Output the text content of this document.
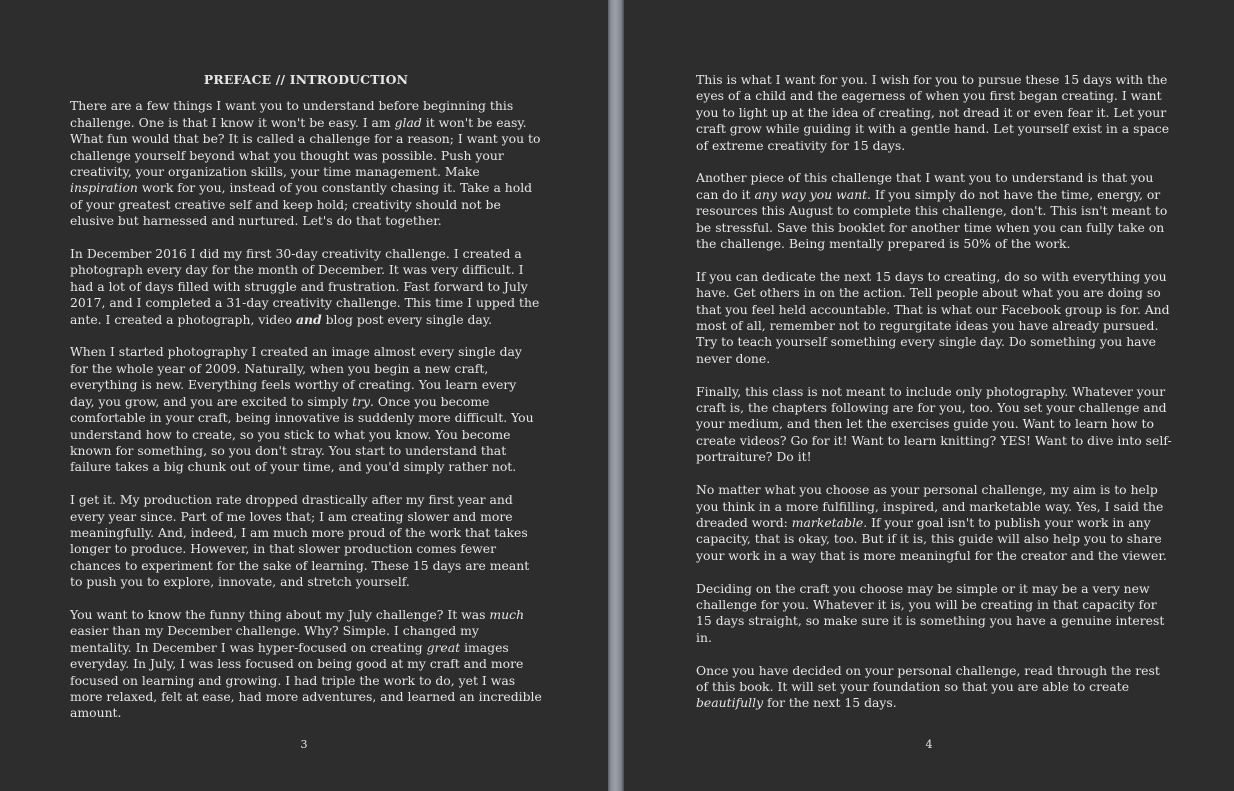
PREFACE // INTRODUCTION

There are a few things I want you to understand before beginning this challenge. One is that I know it won't be easy. I am glad it won't be easy. What fun would that be? It is called a challenge for a reason; I want you to challenge yourself beyond what you thought was possible. Push your creativity, your organization skills, your time management. Make inspiration work for you, instead of you constantly chasing it. Take a hold of your greatest creative self and keep hold; creativity should not be elusive but harnessed and nurtured. Let's do that together.

In December 2016 I did my first 30-day creativity challenge. I created a photograph every day for the month of December. It was very difficult. I had a lot of days filled with struggle and frustration. Fast forward to July 2017, and I completed a 31-day creativity challenge. This time I upped the ante. I created a photograph, video and blog post every single day.

When I started photography I created an image almost every single day for the whole year of 2009. Naturally, when you begin a new craft, everything is new. Everything feels worthy of creating. You learn every day, you grow, and you are excited to simply try. Once you become comfortable in your craft, being innovative is suddenly more difficult. You understand how to create, so you stick to what you know. You become known for something, so you don't stray. You start to understand that failure takes a big chunk out of your time, and you'd simply rather not.

I get it. My production rate dropped drastically after my first year and every year since. Part of me loves that; I am creating slower and more meaningfully. And, indeed, I am much more proud of the work that takes longer to produce. However, in that slower production comes fewer chances to experiment for the sake of learning. These 15 days are meant to push you to explore, innovate, and stretch yourself.

You want to know the funny thing about my July challenge? It was much easier than my December challenge. Why? Simple. I changed my mentality. In December I was hyper-focused on creating great images everyday. In July, I was less focused on being good at my craft and more focused on learning and growing. I had triple the work to do, yet I was more relaxed, felt at ease, had more adventures, and learned an incredible amount.

3

This is what I want for you. I wish for you to pursue these 15 days with the eyes of a child and the eagerness of when you first began creating. I want you to light up at the idea of creating, not dread it or even fear it. Let your craft grow while guiding it with a gentle hand. Let yourself exist in a space of extreme creativity for 15 days.

Another piece of this challenge that I want you to understand is that you can do it any way you want. If you simply do not have the time, energy, or resources this August to complete this challenge, don't. This isn't meant to be stressful. Save this booklet for another time when you can fully take on the challenge. Being mentally prepared is 50% of the work.

If you can dedicate the next 15 days to creating, do so with everything you have. Get others in on the action. Tell people about what you are doing so that you feel held accountable. That is what our Facebook group is for. And most of all, remember not to regurgitate ideas you have already pursued. Try to teach yourself something every single day. Do something you have never done.

Finally, this class is not meant to include only photography. Whatever your craft is, the chapters following are for you, too. You set your challenge and your medium, and then let the exercises guide you. Want to learn how to create videos? Go for it! Want to learn knitting? YES! Want to dive into self-portraiture? Do it!

No matter what you choose as your personal challenge, my aim is to help you think in a more fulfilling, inspired, and marketable way. Yes, I said the dreaded word: marketable. If your goal isn't to publish your work in any capacity, that is okay, too. But if it is, this guide will also help you to share your work in a way that is more meaningful for the creator and the viewer.

Deciding on the craft you choose may be simple or it may be a very new challenge for you. Whatever it is, you will be creating in that capacity for 15 days straight, so make sure it is something you have a genuine interest in.

Once you have decided on your personal challenge, read through the rest of this book. It will set your foundation so that you are able to create beautifully for the next 15 days.

4
